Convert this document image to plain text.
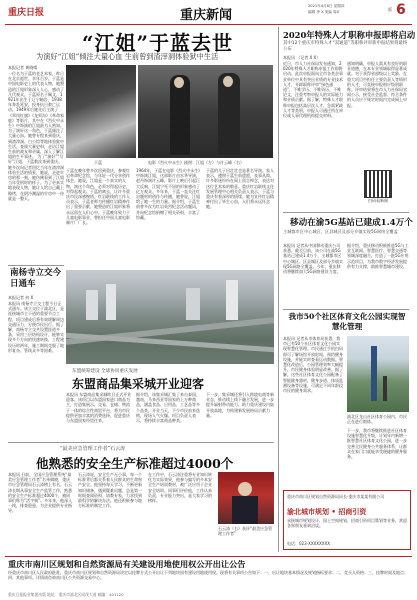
重庆日报	重庆新闻
2021年4月8日 星期四
编辑 李 X 美编 周X	版 6
“江姐”于蓝去世
为演好“江姐”倾注大量心血 生前曾到渣滓洞体验狱中生活
本报记者 黄晓晴
一位名为于蓝的老艺术家，昨日在北京逝世，享年百岁。于蓝是中国电影史上的代表人物，她塑造的江姐形象深入人心，感动了几代观众。于蓝原名于佩文，1921年出生于辽宁岫岩，1938年奔赴延安，投身抗日救亡运动。1949年后她先后主演了《翠岗红旗》《龙须沟》《革命家庭》等影片，其中在《烈火中永生》中饰演的江姐最为人熟知。为了演好这一角色，于蓝倾注了大量心血。她曾专程来到重庆，到渣滓洞、白公馆等地体验狱中生活，查阅大量史料，走访江姐生前的战友和亲属，深入了解江姐的生平事迹。 为了“演好”“写好”江姐，于蓝数次来到重庆。她多次向记者回忆当年在渣滓洞体验生活的情景，她说，走进牢房的那一刻，她仿佛看到了江姐当年受刑时的样子。为了更真实地表现人物，她让人给自己戴上镣铐，在阴冷潮湿的牢房中一待就是一整天。
于蓝	电影《烈火中永生》剧照：江姐（左）与许云峰（右）
于蓝在晚年曾多次回到重庆，参观红岩革命纪念馆，与年轻一代分享创作体会。她说，江姐是一个真实的人物，演这个角色，必须对得起历史，对得起观众。于蓝的离去，让许多重庆市民深感惋惜。红岩联线的工作人员表示，于蓝老师为传播红岩精神作出了重要贡献，她塑造的江姐形象将永远留在人们心中。于蓝晚年致力于儿童电影事业，曾担任中国儿童电影制片厂厂长。
1964年，于蓝在电影《烈火中永生》中饰演江姐，这部影片由水华导演，赵丹饰演许云峰。影片上映后引起巨大反响，江姐宁死不屈的形象感动了亿万观众。多年来，于蓝一直关注红岩题材的创作与传播，她曾说，江姐给了她一生的力量。据介绍，于蓝生前曾多次为红岩英烈纪念活动题词，并向纪念馆捐赠了相关资料，丰富了馆藏。
于蓝的儿子田壮壮也是著名导演。家人表示，遵照于蓝生前遗愿，丧事从简。许多影迷纷纷在网上留言悼念，表达对这位艺术家的敬意。重庆红岩联线文化发展管理中心相关负责人表示，于蓝与重庆有着深厚的情缘，她为宣传红岩精神付出了毕生心血，人们将永远怀念她。
南杨寺立交今日通车
本报记者 何 X
本报讯 南杨寺立交工程今日正式通车。该立交位于渝北区，是连接城市主干道的重要节点工程，项目建成后将有效缓解周边交通压力，方便市民出行。据了解，南杨寺立交共设置匝道多条，采用三层结构设计，能够实现多个方向的快速转换，工程建设历时两年，施工期间克服了地形复杂、管线众多等困难。
东盟统筹建设 全球协同重庆发展
东盟商品集采城开业迎客
本报讯 东盟商品集采城昨日正式开业迎客。该项目以东盟国家进口商品为主，打造集展示、交易、仓储、物流于一体的综合性商贸平台，将为市民提供更加丰富的消费选择，促进重庆与东盟国家经贸往来。
据介绍，该集采城汇集了来自泰国、越南、马来西亚等国家的上万种商品，涵盖食品、日用品、工艺品等多个品类。开业当天，不少市民前来选购，现场人气火爆。项目负责人表示，将持续丰富商品种类。
下一步，集采城还将引入跨境电商等新业态，推动线上线下融合发展，进一步提升辐射带动能力，助力重庆建设内陆开放高地，为构建新发展格局贡献力量。
“最美应急管理工作者”石云涛
他熟悉的安全生产标准超过4000个
本报讯 日前，全国应急管理系统“最美应急管理工作者”名单揭晓，重庆市应急管理局石云涛榜上有名。石云涛长期从事安全生产监管工作，熟悉的安全生产标准超过4000个，被同事们称为“活字典”。多年来，他深入一线，排查隐患，为企业提供专业指导。
石云涛说，安全生产无小事，每一个标准背后都关系着人民群众的生命财产安全。他坚持每天学习，不断更新知识储备，遇到疑难问题，总是第一时间查阅资料、请教专家，力求找到最科学的解决办法。他还积极参与地方标准的制定工作。
在工作中，石云涛注重将专业知识转化为实际效果，他参与编写的多本安全生产培训教材，被广泛应用于企业安全培训。同事们评价他，工作认真负责，专业能力突出，是大家学习的榜样。
石云涛（右）获评“最美应急管理工作者”
2020年特殊人才职称申报即将启动
其中12个重庆市特殊人才“双通道”等职称评审新申报结果将最终公布
本报讯 （记者 X X）
近日，市人力社保局发布通知，2020年特殊人才职称申报工作即将启动。此次申报面向全市各类企事业单位中具有突出业绩的专业技术人才，开辟职称评审“绿色通道”，不唯学历、不唯资历、不唯论文，注重考察申报人的实际能力和业绩贡献。据了解，特殊人才职称申报包括高层次人才、急需紧缺人才等类别，申报人可通过所在单位或人事代理机构提交材料。
通知明确，申报人需具有良好的职业道德，在本专业领域取得显著成就。对于获得省部级以上奖励、在重大项目中担任主要负责人等情形的人才，可直接申报相应级别职称。评审结果将在市人力社保局官网公示，接受社会监督。符合条件的人员应于规定时间内完成网上申报。
扫码看新闻
移动在渝5G基站已建成1.4万个
主城都市区中心城区、区县城区及部分乡镇实现5G网络全覆盖
本报讯 记者从中国移动重庆公司获悉，截至目前，该公司在渝5G基站已建成1.4万个，主城都市区中心城区、区县城区及部分乡镇实现5G网络全覆盖。今年，重庆移动将继续加大5G网络建设力度。
据介绍，重庆移动积极推进5G与工业互联网、智慧医疗、智慧交通等领域深度融合，打造了一批5G应用示范项目，为我市数字经济发展提供有力支撑，助推智慧城市建设。
我市50个社区体育文化公园实现智慧化管理
本报讯 记者从市体育局获悉，我市已有50个社区体育文化公园实现智慧化管理。市民通过手机扫码即可了解场馆开放时间、预约健身设施，并能实时查看运动数据。智慧化改造后，公园管理效率大幅提升，市民健身体验明显改善。据了解，这些社区体育文化公园配备了智能健身器材、健身步道、体质监测设备等设施，可满足不同年龄段市民的健身需求。
渝北区龙山社区体育公园内，市民正在进行锻炼。
下一步，我市将继续推进社区体育设施智慧化升级，计划年内新增一批智慧社区体育文化公园，进一步完善全民健身公共服务体系，让群众在家门口就能享受便捷的健身服务。
重庆市南川区规划自然资源局局长·重庆市某某有限公司
渝北城市规划 • 招商引资
承接城市规划设计、国土空间规划、招商引资项目策划等业务，欢迎各界朋友垂询洽谈。
电话：023-XXXXXXXX
重庆市南川区规划和自然资源局有关建设用地使用权公开出让公告
经重庆市南川区人民政府批准，重庆市南川区规划和自然资源局决定以挂牌方式公开出让下列地块国有建设用地使用权。现将有关事项公告如下：一、出让地块基本情况及规划指标要求；二、竞买人资格；三、挂牌时间及地点；四、其他事项。详情请咨询南川区公共资源交易中心。
重庆日报报业集团出版 地址：重庆市渝北区同茂大道 邮编：401120
